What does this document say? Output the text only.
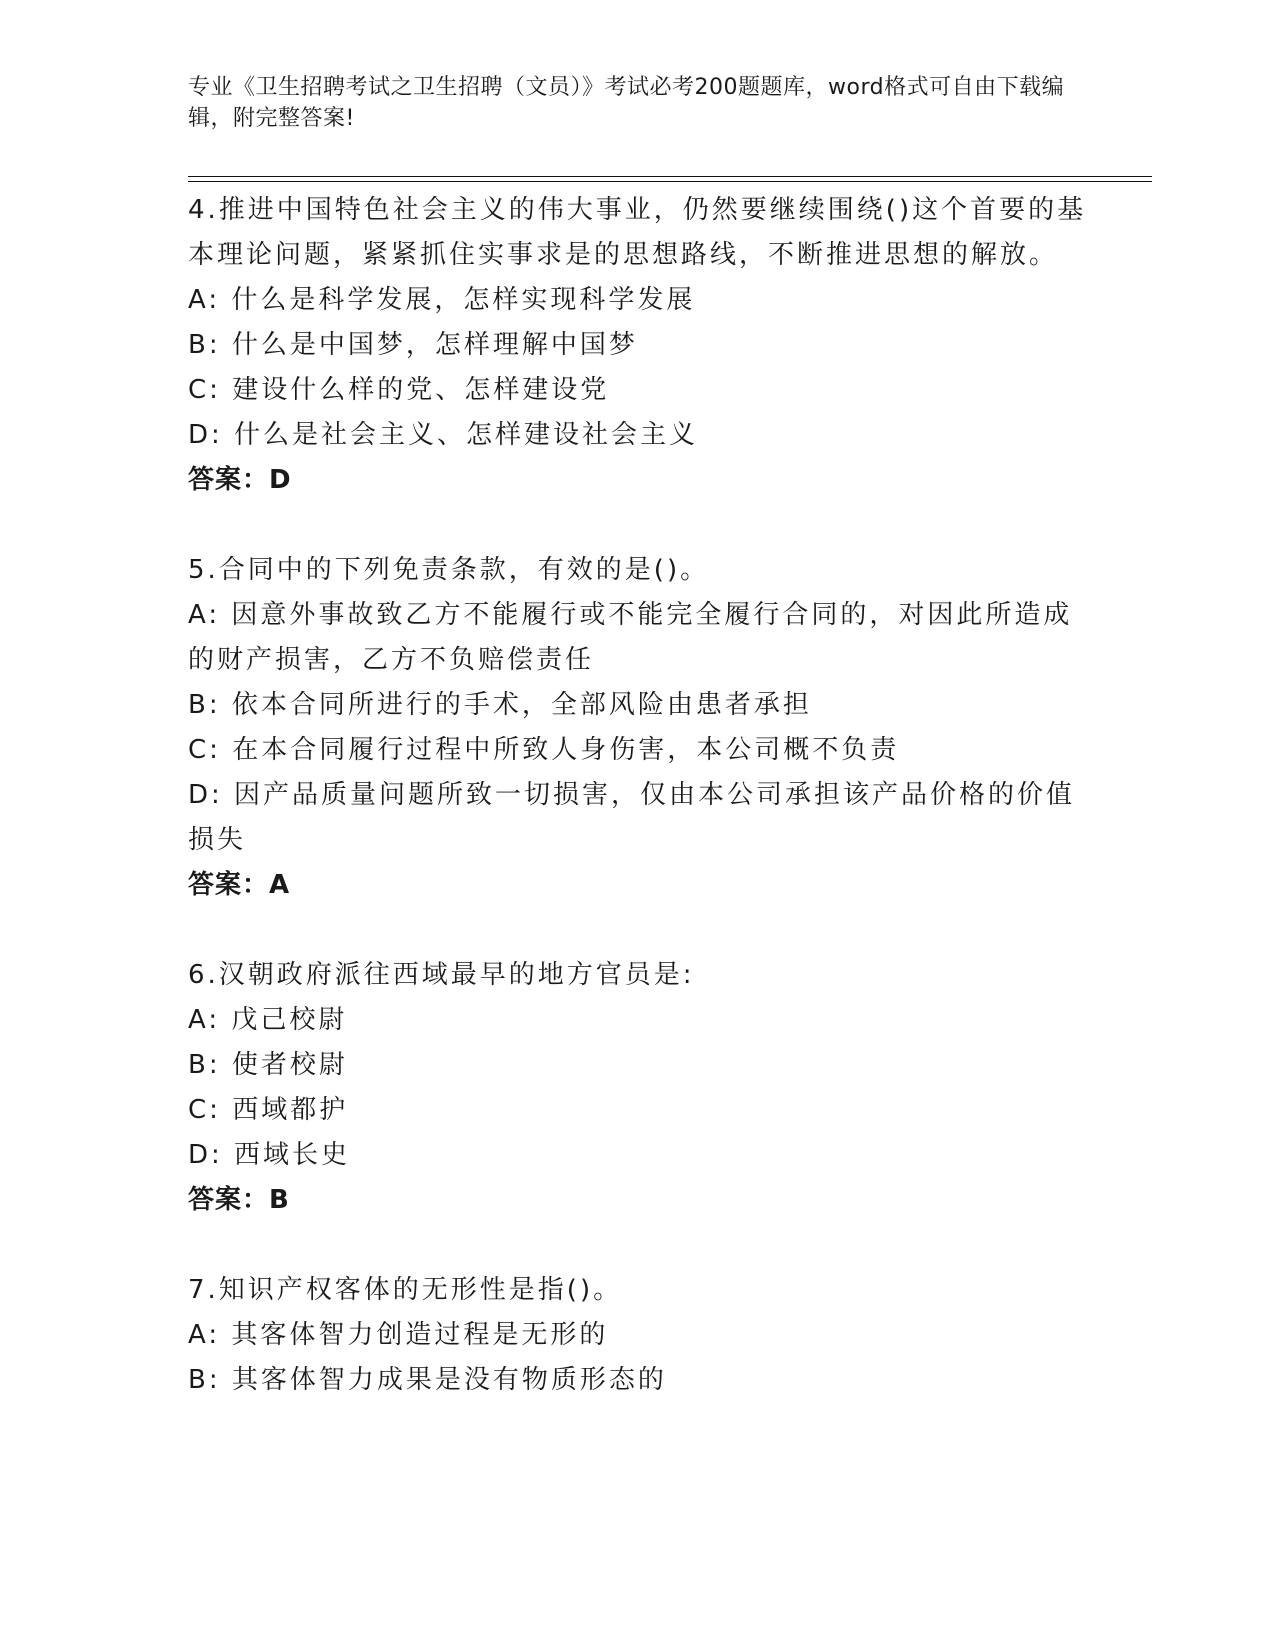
专业《卫生招聘考试之卫生招聘（文员）》考试必考200题题库，word格式可自由下载编辑，附完整答案!
4.推进中国特色社会主义的伟大事业，仍然要继续围绕()这个首要的基本理论问题，紧紧抓住实事求是的思想路线，不断推进思想的解放。
A: 什么是科学发展，怎样实现科学发展
B: 什么是中国梦，怎样理解中国梦
C: 建设什么样的党、怎样建设党
D: 什么是社会主义、怎样建设社会主义
答案：D
5.合同中的下列免责条款，有效的是()。
A: 因意外事故致乙方不能履行或不能完全履行合同的，对因此所造成的财产损害，乙方不负赔偿责任
B: 依本合同所进行的手术，全部风险由患者承担
C: 在本合同履行过程中所致人身伤害，本公司概不负责
D: 因产品质量问题所致一切损害，仅由本公司承担该产品价格的价值损失
答案：A
6.汉朝政府派往西域最早的地方官员是:
A: 戊己校尉
B: 使者校尉
C: 西域都护
D: 西域长史
答案：B
7.知识产权客体的无形性是指()。
A: 其客体智力创造过程是无形的
B: 其客体智力成果是没有物质形态的
